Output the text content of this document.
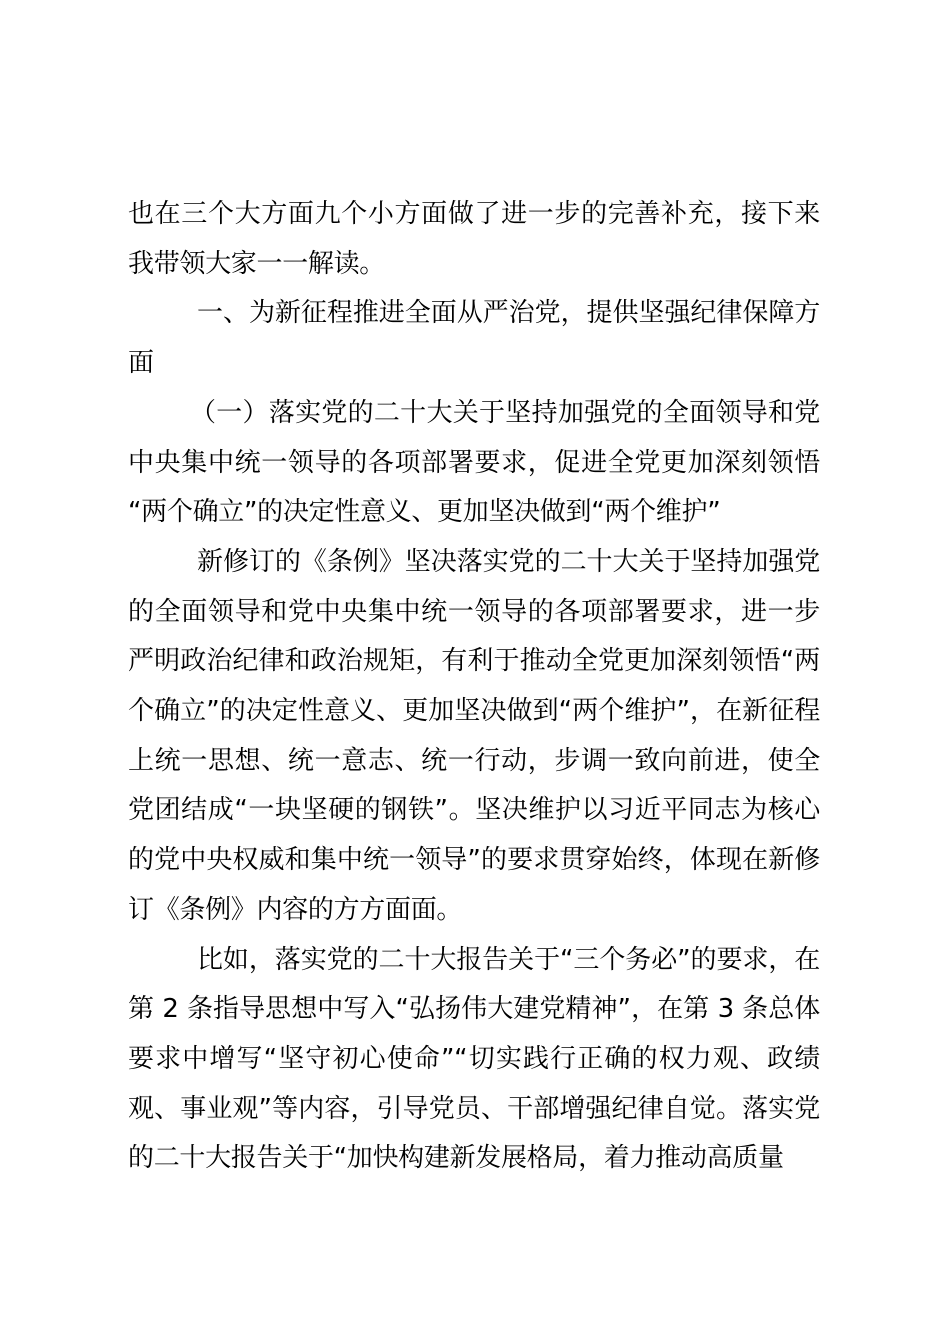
也在三个大方面九个小方面做了进一步的完善补充，接下来我带领大家一一解读。

一、为新征程推进全面从严治党，提供坚强纪律保障方面

（一）落实党的二十大关于坚持加强党的全面领导和党中央集中统一领导的各项部署要求，促进全党更加深刻领悟 “两个确立”的决定性意义、更加坚决做到“两个维护”

新修订的《条例》坚决落实党的二十大关于坚持加强党的全面领导和党中央集中统一领导的各项部署要求，进一步严明政治纪律和政治规矩，有利于推动全党更加深刻领悟“两个确立”的决定性意义、更加坚决做到“两个维护”，在新征程上统一思想、统一意志、统一行动，步调一致向前进，使全党团结成“一块坚硬的钢铁”。坚决维护以习近平同志为核心的党中央权威和集中统一领导”的要求贯穿始终，体现在新修订《条例》内容的方方面面。

比如，落实党的二十大报告关于“三个务必”的要求，在第 2 条指导思想中写入“弘扬伟大建党精神”，在第 3 条总体要求中增写“坚守初心使命”“切实践行正确的权力观、政绩观、事业观”等内容，引导党员、干部增强纪律自觉。落实党的二十大报告关于“加快构建新发展格局，着力推动高质量
